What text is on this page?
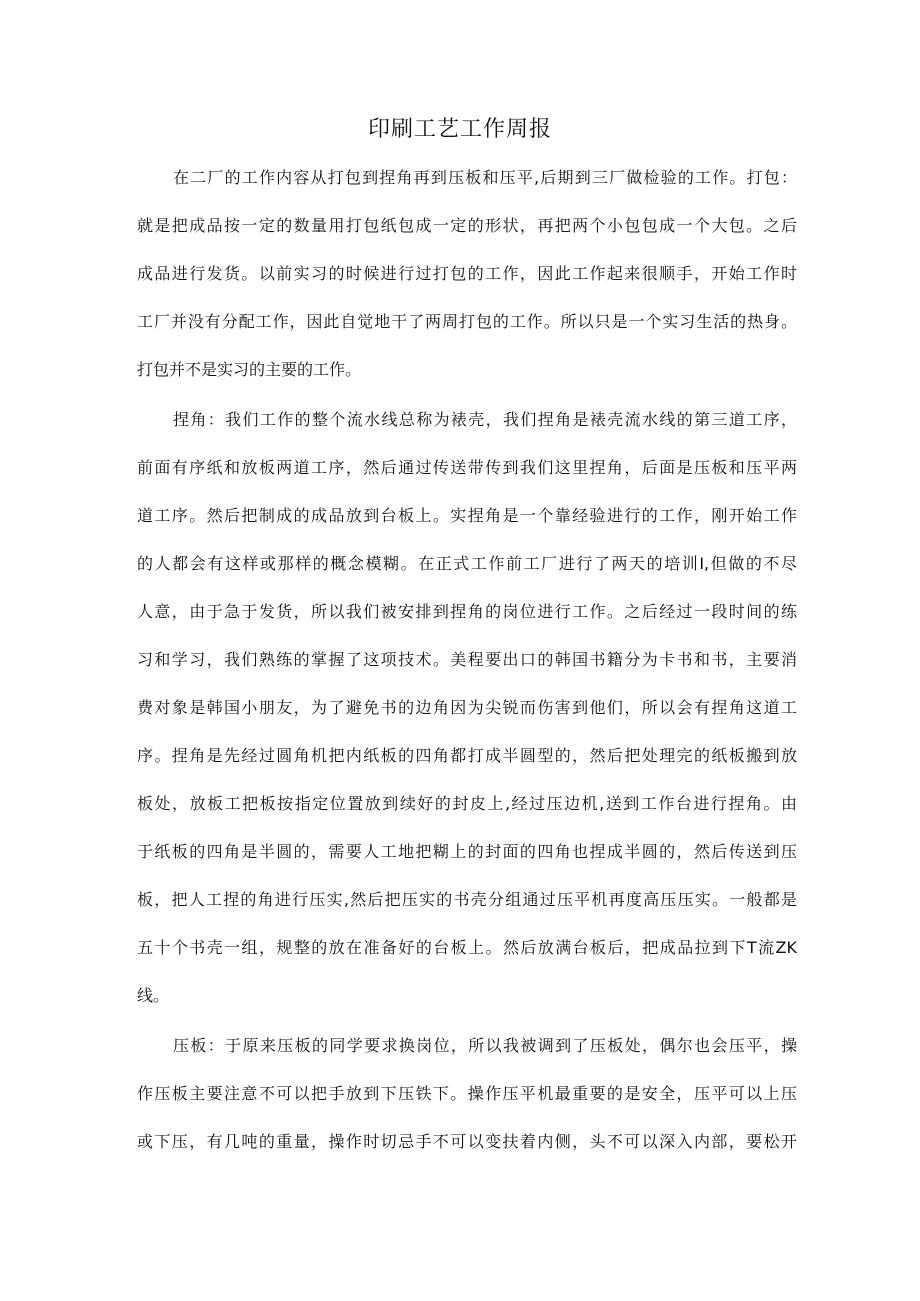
印刷工艺工作周报
在二厂的工作内容从打包到捏角再到压板和压平,后期到三厂做检验的工作。打包：
就是把成品按一定的数量用打包纸包成一定的形状，再把两个小包包成一个大包。之后
成品进行发货。以前实习的时候进行过打包的工作，因此工作起来很顺手，开始工作时
工厂并没有分配工作，因此自觉地干了两周打包的工作。所以只是一个实习生活的热身。
打包并不是实习的主要的工作。
捏角：我们工作的整个流水线总称为裱壳，我们捏角是裱壳流水线的第三道工序，
前面有序纸和放板两道工序，然后通过传送带传到我们这里捏角，后面是压板和压平两
道工序。然后把制成的成品放到台板上。实捏角是一个靠经验进行的工作，刚开始工作
的人都会有这样或那样的概念模糊。在正式工作前工厂进行了两天的培训I,但做的不尽
人意，由于急于发货，所以我们被安排到捏角的岗位进行工作。之后经过一段时间的练
习和学习，我们熟练的掌握了这项技术。美程要出口的韩国书籍分为卡书和书，主要消
费对象是韩国小朋友，为了避免书的边角因为尖锐而伤害到他们，所以会有捏角这道工
序。捏角是先经过圆角机把内纸板的四角都打成半圆型的，然后把处理完的纸板搬到放
板处，放板工把板按指定位置放到续好的封皮上,经过压边机,送到工作台进行捏角。由
于纸板的四角是半圆的，需要人工地把糊上的封面的四角也捏成半圆的，然后传送到压
板，把人工捏的角进行压实,然后把压实的书壳分组通过压平机再度高压压实。一般都是
五十个书壳一组，规整的放在准备好的台板上。然后放满台板后，把成品拉到下T流ZK
线。
压板：于原来压板的同学要求换岗位，所以我被调到了压板处，偶尔也会压平，操
作压板主要注意不可以把手放到下压铁下。操作压平机最重要的是安全，压平可以上压
或下压，有几吨的重量，操作时切忌手不可以变扶着内侧，头不可以深入内部，要松开
